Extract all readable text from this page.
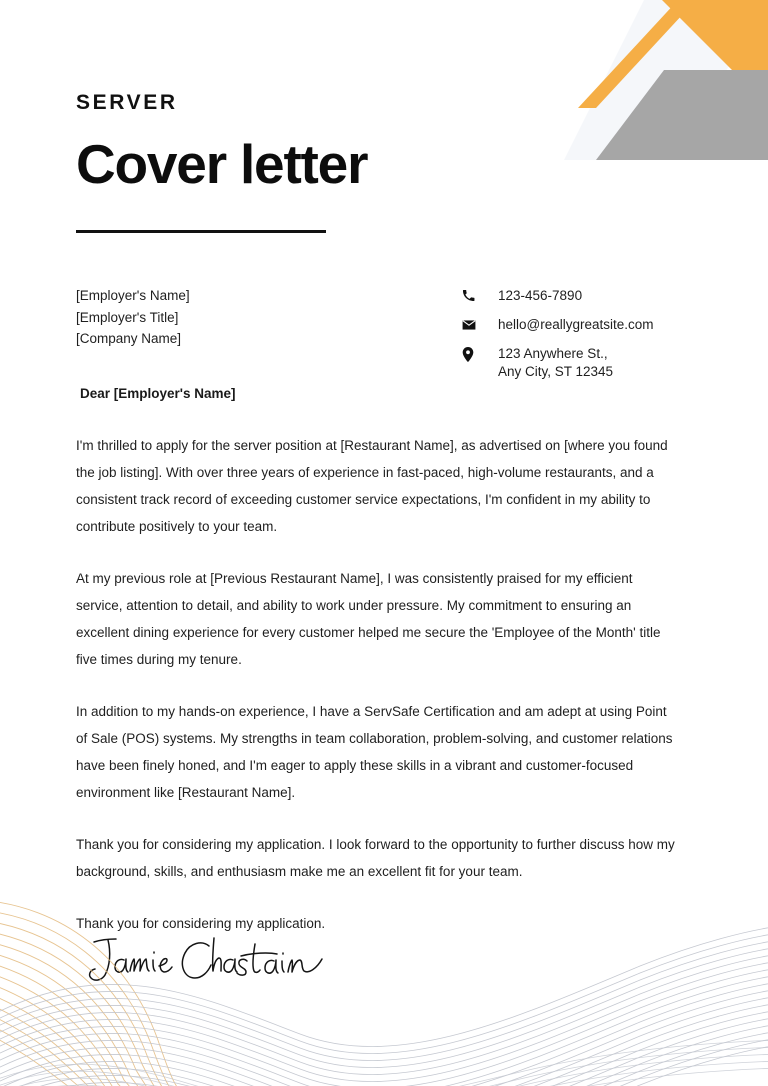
SERVER

Cover letter
[Employer's Name]
[Employer's Title]
[Company Name]
123-456-7890
hello@reallygreatsite.com
123 Anywhere St.,
Any City, ST 12345
Dear [Employer's Name]

I'm thrilled to apply for the server position at [Restaurant Name], as advertised on [where you found the job listing]. With over three years of experience in fast-paced, high-volume restaurants, and a consistent track record of exceeding customer service expectations, I'm confident in my ability to contribute positively to your team.

At my previous role at [Previous Restaurant Name], I was consistently praised for my efficient service, attention to detail, and ability to work under pressure. My commitment to ensuring an excellent dining experience for every customer helped me secure the 'Employee of the Month' title five times during my tenure.

In addition to my hands-on experience, I have a ServSafe Certification and am adept at using Point of Sale (POS) systems. My strengths in team collaboration, problem-solving, and customer relations have been finely honed, and I'm eager to apply these skills in a vibrant and customer-focused environment like [Restaurant Name].

Thank you for considering my application. I look forward to the opportunity to further discuss how my background, skills, and enthusiasm make me an excellent fit for your team.

Thank you for considering my application.
